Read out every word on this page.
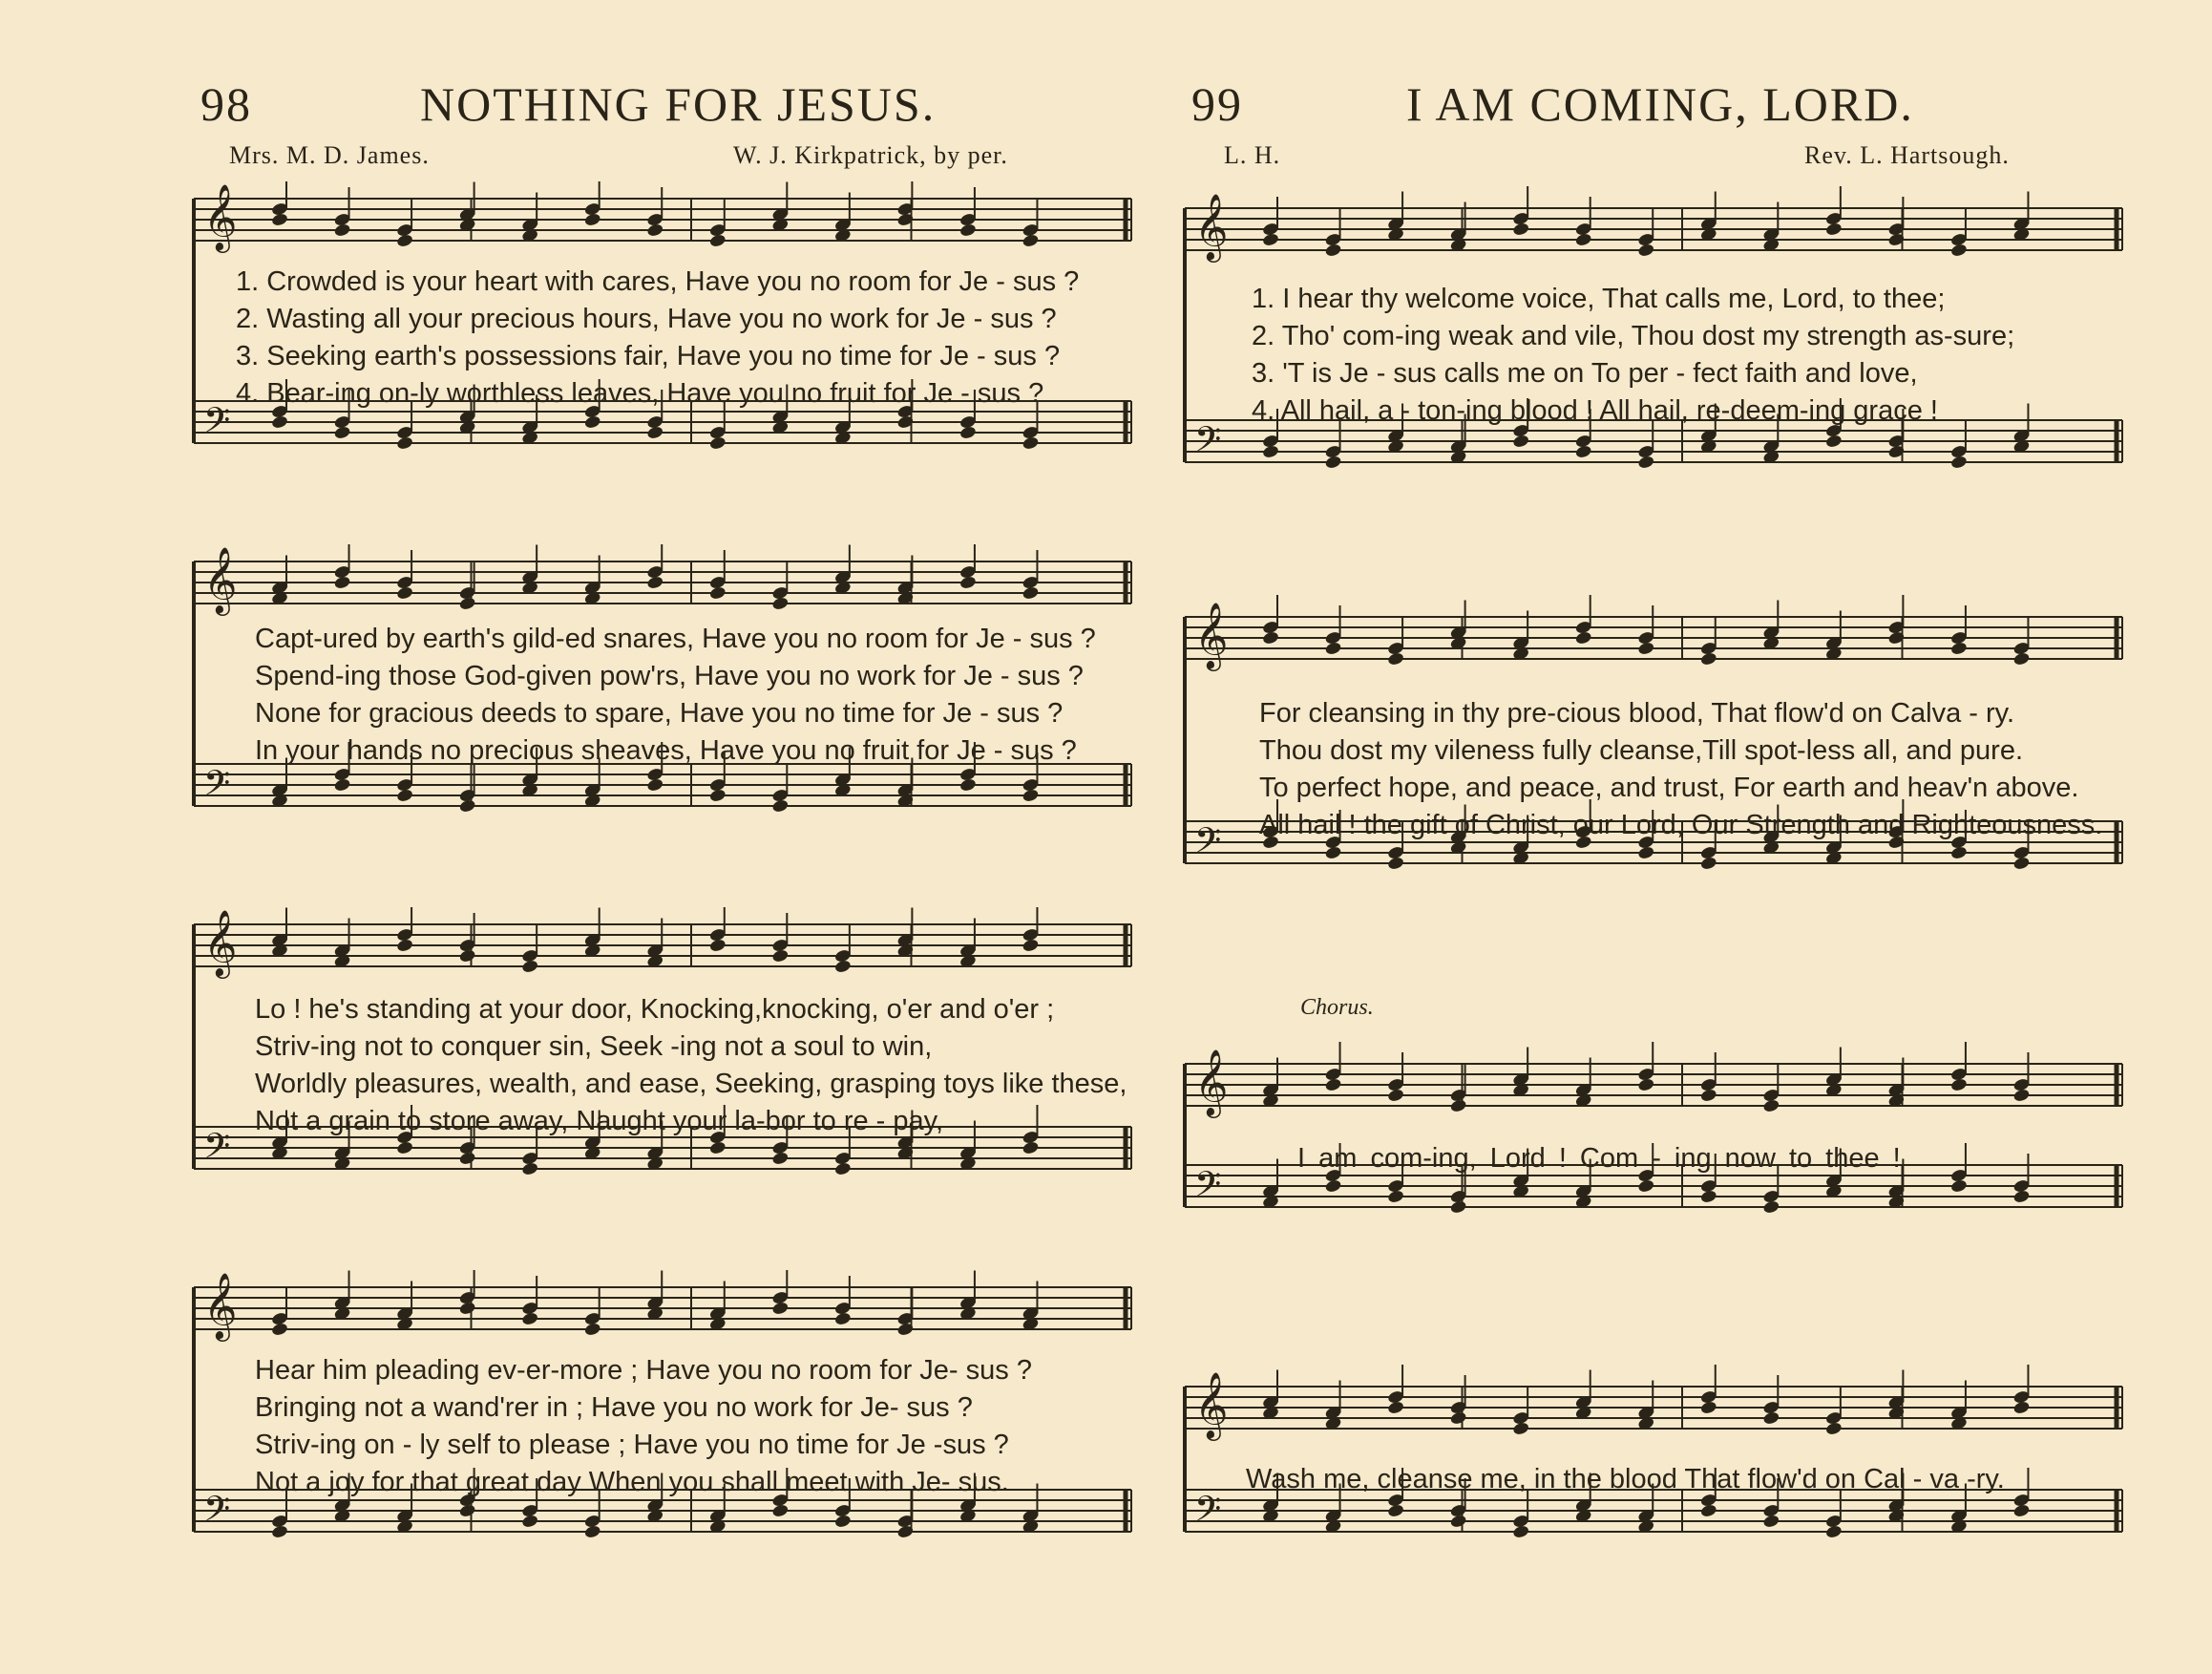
98	NOTHING FOR JESUS.
Mrs. M. D. James.	W. J. Kirkpatrick, by per.
99	I AM COMING, LORD.
L. H.	Rev. L. Hartsough.
𝄞
𝄢
1. Crowded is your heart with cares, Have you no room for Je - sus ?
2. Wasting all your precious hours, Have you no work for Je - sus ?
3. Seeking earth's possessions fair, Have you no time for Je - sus ?
4. Bear-ing on-ly worthless leaves, Have you no fruit for Je - sus ?
𝄞
𝄢
Capt-ured by earth's gild-ed snares, Have you no room for Je - sus ?
Spend-ing those God-given pow'rs, Have you no work for Je - sus ?
None for gracious deeds to spare, Have you no time for Je - sus ?
In your hands no precious sheaves, Have you no fruit for Je - sus ?
𝄞
𝄢
Lo ! he's standing at your door, Knocking,knocking, o'er and o'er ;
Striv-ing not to conquer sin, Seek -ing not a soul to win,
Worldly pleasures, wealth, and ease, Seeking, grasping toys like these,
Not a grain to store away, Naught your la-bor to re - pay,
𝄞
𝄢
Hear him pleading ev-er-more ; Have you no room for Je- sus ?
Bringing not a wand'rer in ; Have you no work for Je- sus ?
Striv-ing on - ly self to please ; Have you no time for Je -sus ?
Not a joy for that great day When you shall meet with Je- sus.
𝄞
𝄢
1. I hear thy welcome voice, That calls me, Lord, to thee;
2. Tho' com-ing weak and vile, Thou dost my strength as-sure;
3. 'T is Je - sus calls me on To per - fect faith and love,
4. All hail, a - ton-ing blood ! All hail, re-deem-ing grace !
𝄞
𝄢
For cleansing in thy pre-cious blood, That flow'd on Calva - ry.
Thou dost my vileness fully cleanse,Till spot-less all, and pure.
To perfect hope, and peace, and trust, For earth and heav'n above.
All hail ! the gift of Christ, our Lord, Our Strength and Righteousness.
Chorus.
𝄞
𝄢
I am com-ing, Lord ! Com - ing now to thee !
𝄞
𝄢
Wash me, cleanse me, in the blood That flow'd on Cal - va -ry.
